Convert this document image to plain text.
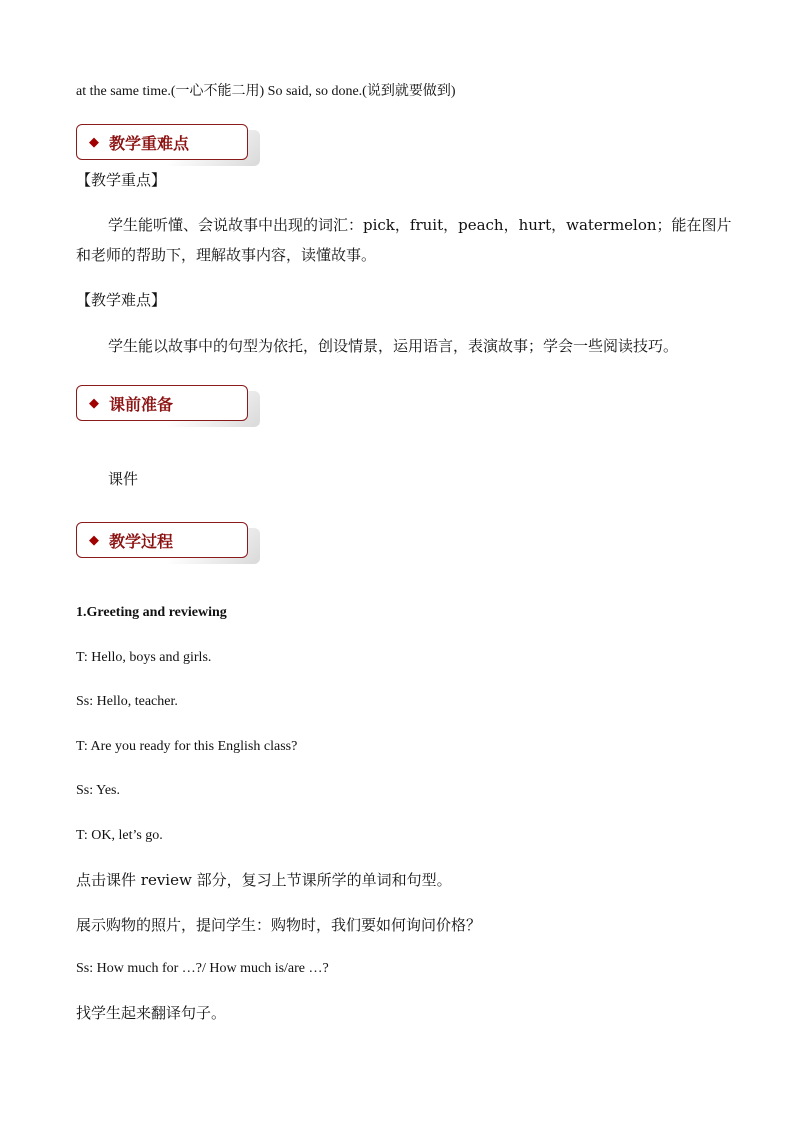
at the same time.(一心不能二用) So said, so done.(说到就要做到)
◆ 教学重难点
【教学重点】
学生能听懂、会说故事中出现的词汇：pick，fruit，peach，hurt，watermelon；能在图片
和老师的帮助下，理解故事内容，读懂故事。
【教学难点】
学生能以故事中的句型为依托，创设情景，运用语言，表演故事；学会一些阅读技巧。
◆ 课前准备
课件
◆ 教学过程
1.Greeting and reviewing
T: Hello, boys and girls.
Ss: Hello, teacher.
T: Are you ready for this English class?
Ss: Yes.
T: OK, let’s go.
点击课件 review 部分，复习上节课所学的单词和句型。
展示购物的照片，提问学生：购物时，我们要如何询问价格？
Ss: How much for …?/ How much is/are …?
找学生起来翻译句子。
